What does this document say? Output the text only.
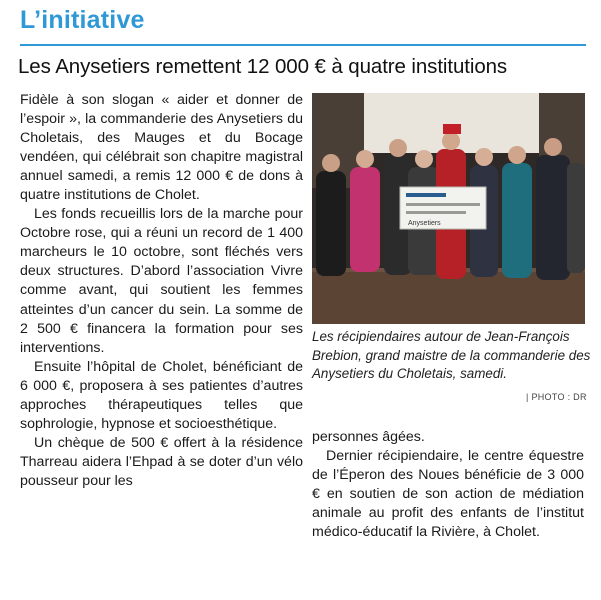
L’initiative
Les Anysetiers remettent 12 000 € à quatre institutions

Fidèle à son slogan « aider et donner de l’espoir », la commanderie des Anysetiers du Choletais, des Mauges et du Bocage vendéen, qui célébrait son chapitre magistral annuel samedi, a remis 12 000 € de dons à quatre institutions de Cholet.

Les fonds recueillis lors de la marche pour Octobre rose, qui a réuni un record de 1 400 marcheurs le 10 octobre, sont fléchés vers deux structures. D’abord l’association Vivre comme avant, qui soutient les femmes atteintes d’un cancer du sein. La somme de 2 500 € financera la formation pour ses interventions.

Ensuite l’hôpital de Cholet, bénéficiant de 6 000 €, proposera à ses patientes d’autres approches thérapeutiques telles que sophrologie, hypnose et socioesthétique.

Un chèque de 500 € offert à la résidence Tharreau aidera l’Ehpad à se doter d’un vélo pousseur pour les

Anysetiers
Les récipiendaires autour de Jean-François Brebion, grand maistre de la commanderie des Anysetiers du Choletais, samedi.
| PHOTO : DR

personnes âgées.

Dernier récipiendaire, le centre équestre de l’Éperon des Noues bénéficie de 3 000 € en soutien de son action de médiation animale au profit des enfants de l’institut médico-éducatif la Rivière, à Cholet.
